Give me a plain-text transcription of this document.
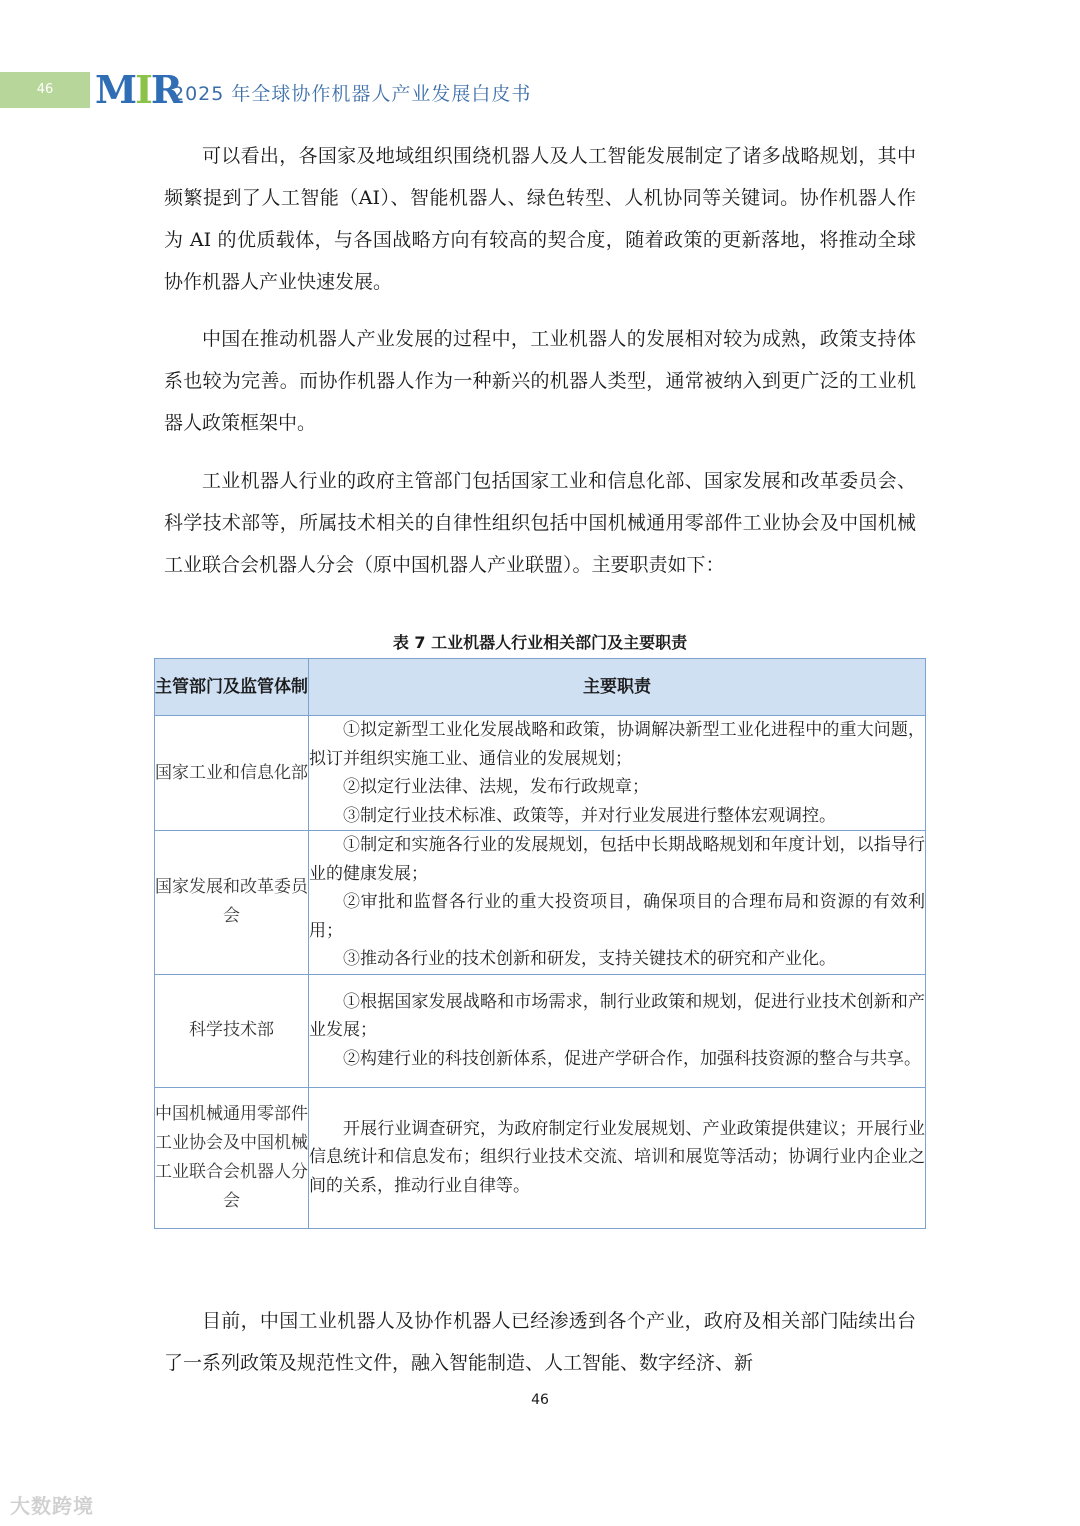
46	MIR
2025 年全球协作机器人产业发展白皮书

可以看出，各国家及地域组织围绕机器人及人工智能发展制定了诸多战略规划，其中频繁提到了人工智能（AI）、智能机器人、绿色转型、人机协同等关键词。协作机器人作为 AI 的优质载体，与各国战略方向有较高的契合度，随着政策的更新落地，将推动全球协作机器人产业快速发展。

中国在推动机器人产业发展的过程中，工业机器人的发展相对较为成熟，政策支持体系也较为完善。而协作机器人作为一种新兴的机器人类型，通常被纳入到更广泛的工业机器人政策框架中。

工业机器人行业的政府主管部门包括国家工业和信息化部、国家发展和改革委员会、科学技术部等，所属技术相关的自律性组织包括中国机械通用零部件工业协会及中国机械工业联合会机器人分会（原中国机器人产业联盟）。主要职责如下：

表 7 工业机器人行业相关部门及主要职责
主管部门及监管体制	主要职责
国家工业和信息化部	①拟定新型工业化发展战略和政策，协调解决新型工业化进程中的重大问题，拟订并组织实施工业、通信业的发展规划；
②拟定行业法律、法规，发布行政规章；
③制定行业技术标准、政策等，并对行业发展进行整体宏观调控。

国家发展和改革委员会	①制定和实施各行业的发展规划，包括中长期战略规划和年度计划，以指导行业的健康发展；
②审批和监督各行业的重大投资项目，确保项目的合理布局和资源的有效利用；
③推动各行业的技术创新和研发，支持关键技术的研究和产业化。

科学技术部	①根据国家发展战略和市场需求，制行业政策和规划，促进行业技术创新和产业发展；
②构建行业的科技创新体系，促进产学研合作，加强科技资源的整合与共享。

中国机械通用零部件工业协会及中国机械工业联合会机器人分会	开展行业调查研究，为政府制定行业发展规划、产业政策提供建议；开展行业信息统计和信息发布；组织行业技术交流、培训和展览等活动；协调行业内企业之间的关系，推动行业自律等。

目前，中国工业机器人及协作机器人已经渗透到各个产业，政府及相关部门陆续出台了一系列政策及规范性文件，融入智能制造、人工智能、数字经济、新

46
大数跨境
